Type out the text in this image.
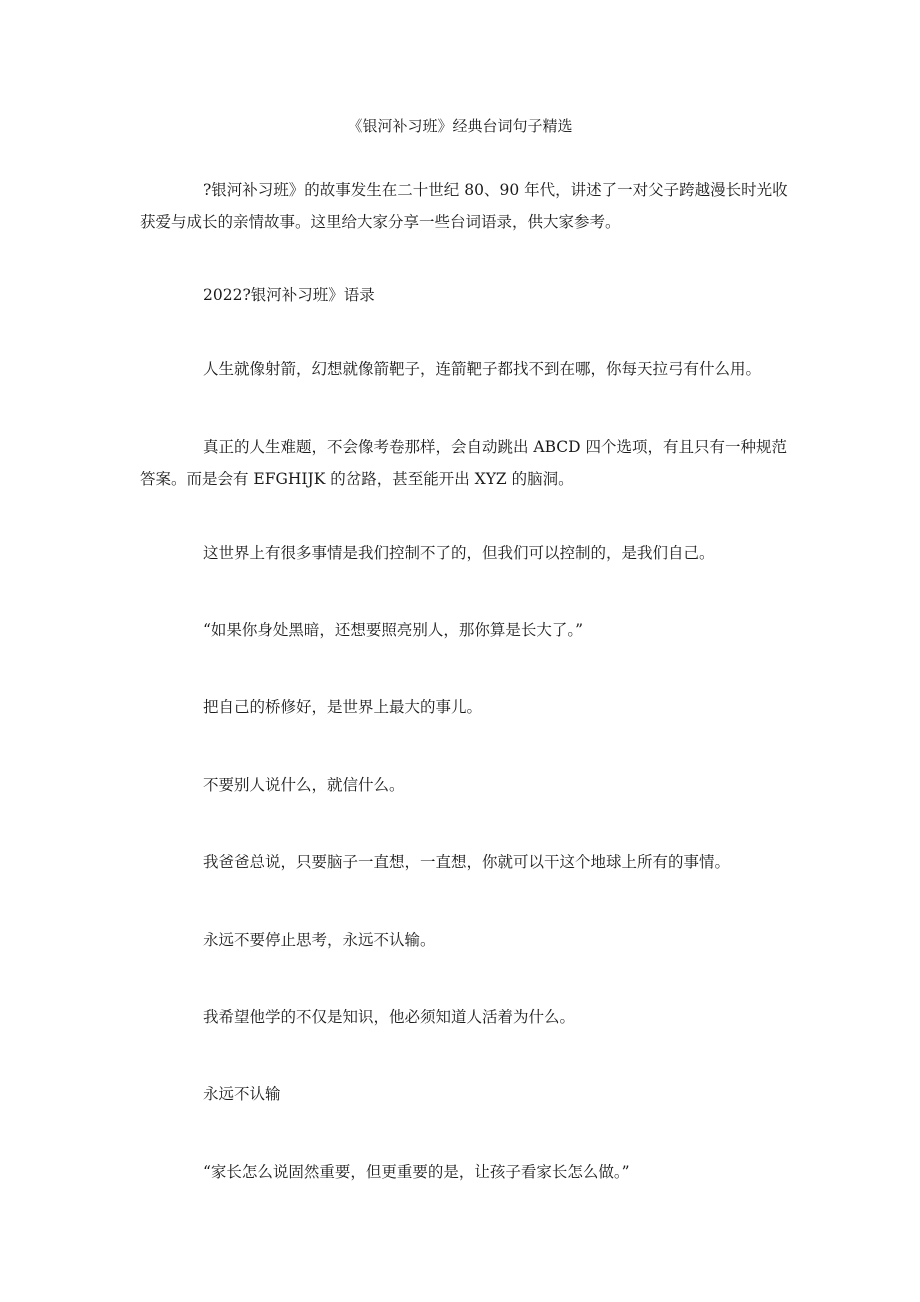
《银河补习班》经典台词句子精选

?银河补习班》的故事发生在二十世纪 80、90 年代，讲述了一对父子跨越漫长时光收获爱与成长的亲情故事。这里给大家分享一些台词语录，供大家参考。

2022?银河补习班》语录

人生就像射箭，幻想就像箭靶子，连箭靶子都找不到在哪，你每天拉弓有什么用。

真正的人生难题，不会像考卷那样，会自动跳出 ABCD 四个选项，有且只有一种规范答案。而是会有 EFGHIJK 的岔路，甚至能开出 XYZ 的脑洞。

这世界上有很多事情是我们控制不了的，但我们可以控制的，是我们自己。

“如果你身处黑暗，还想要照亮别人，那你算是长大了。”

把自己的桥修好，是世界上最大的事儿。

不要别人说什么，就信什么。

我爸爸总说，只要脑子一直想，一直想，你就可以干这个地球上所有的事情。

永远不要停止思考，永远不认输。

我希望他学的不仅是知识，他必须知道人活着为什么。

永远不认输

“家长怎么说固然重要，但更重要的是，让孩子看家长怎么做。”
